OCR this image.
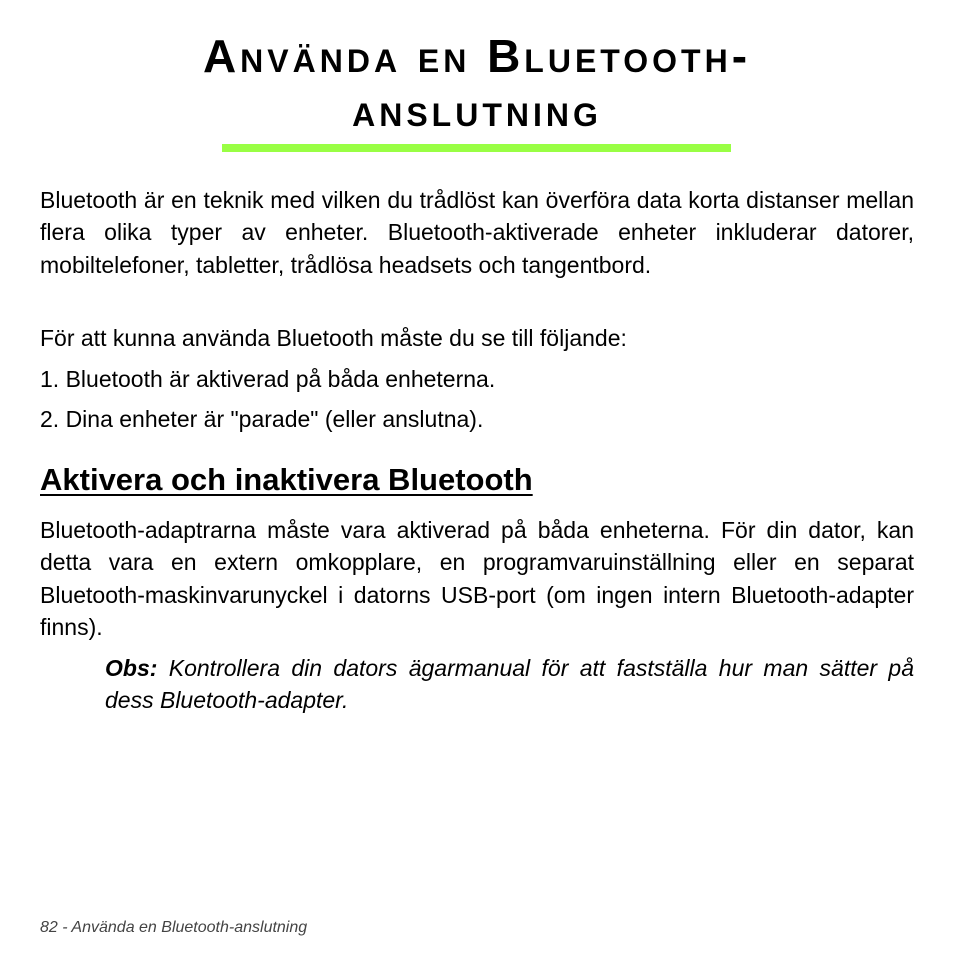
Använda en Bluetooth-
anslutning

Bluetooth är en teknik med vilken du trådlöst kan överföra data korta distanser mellan flera olika typer av enheter. Bluetooth-aktiverade enheter inkluderar datorer, mobiltelefoner, tabletter, trådlösa headsets och tangentbord.

För att kunna använda Bluetooth måste du se till följande:

1. Bluetooth är aktiverad på båda enheterna.

2. Dina enheter är "parade" (eller anslutna).

Aktivera och inaktivera Bluetooth

Bluetooth-adaptrarna måste vara aktiverad på båda enheterna. För din dator, kan detta vara en extern omkopplare, en programvaruinställning eller en separat Bluetooth-maskinvarunyckel i datorns USB-port (om ingen intern Bluetooth-adapter finns).

Obs: Kontrollera din dators ägarmanual för att fastställa hur man sätter på dess Bluetooth-adapter.

82 - Använda en Bluetooth-anslutning
